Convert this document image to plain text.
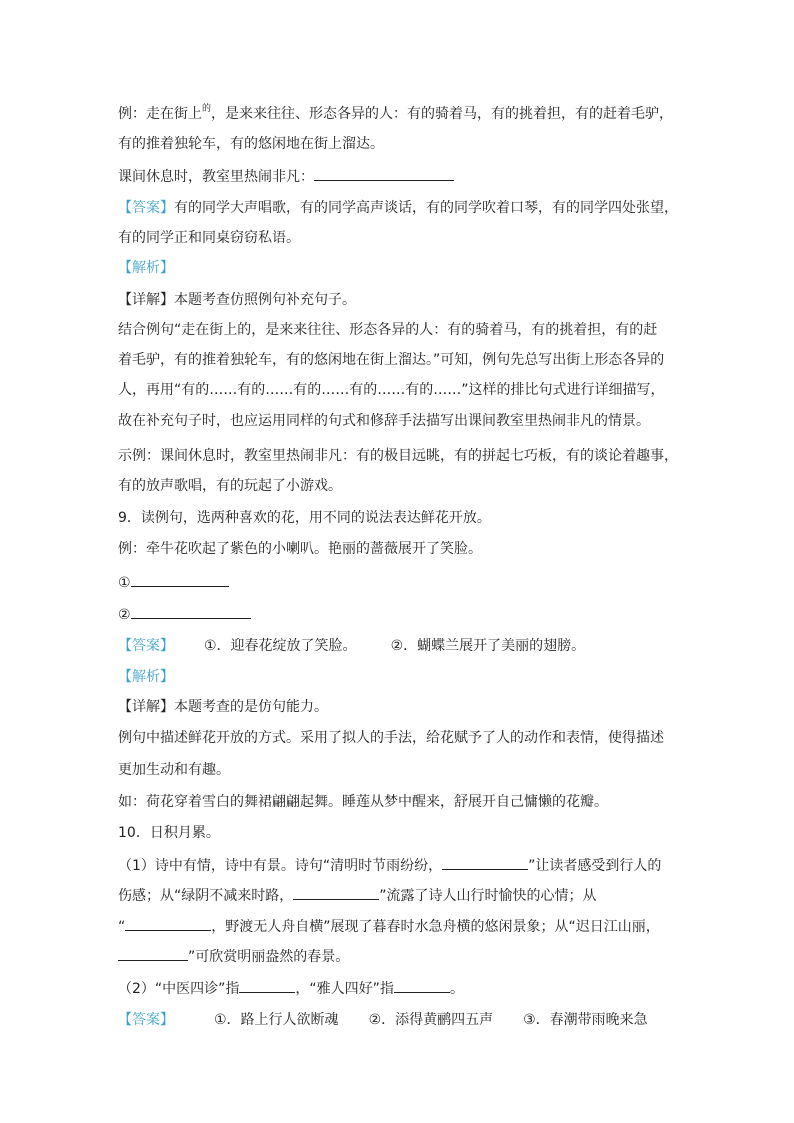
例：走在街上$^的$，是来来往往、形态各异的人：有的骑着马，有的挑着担，有的赶着毛驴，
有的推着独轮车，有的悠闲地在街上溜达。
课间休息时，教室里热闹非凡：
【答案】有的同学大声唱歌，有的同学高声谈话，有的同学吹着口琴，有的同学四处张望，
有的同学正和同桌窃窃私语。
【解析】
【详解】本题考查仿照例句补充句子。
结合例句“走在街上的，是来来往往、形态各异的人：有的骑着马，有的挑着担，有的赶
着毛驴，有的推着独轮车，有的悠闲地在街上溜达。”可知，例句先总写出街上形态各异的
人，再用“有的……有的……有的……有的……有的……”这样的排比句式进行详细描写，
故在补充句子时，也应运用同样的句式和修辞手法描写出课间教室里热闹非凡的情景。
示例：课间休息时，教室里热闹非凡：有的极目远眺，有的拼起七巧板，有的谈论着趣事，
有的放声歌唱，有的玩起了小游戏。
9．读例句，选两种喜欢的花，用不同的说法表达鲜花开放。
例：牵牛花吹起了紫色的小喇叭。艳丽的蔷薇展开了笑脸。
①
②
【答案】 ①．迎春花绽放了笑脸。 ②．蝴蝶兰展开了美丽的翅膀。
【解析】
【详解】本题考查的是仿句能力。
例句中描述鲜花开放的方式。采用了拟人的手法，给花赋予了人的动作和表情，使得描述
更加生动和有趣。
如：荷花穿着雪白的舞裙翩翩起舞。睡莲从梦中醒来，舒展开自己慵懒的花瓣。
10．日积月累。
（1）诗中有情，诗中有景。诗句“清明时节雨纷纷，	”让读者感受到行人的
伤感；从“绿阴不减来时路，	”流露了诗人山行时愉快的心情；从
“	，野渡无人舟自横”展现了暮春时水急舟横的悠闲景象；从“迟日江山丽，
”可欣赏明丽盎然的春景。
（2）“中医四诊”指	，“雅人四好”指	。
【答案】	①．路上行人欲断魂 ②．添得黄鹂四五声 ③．春潮带雨晚来急
